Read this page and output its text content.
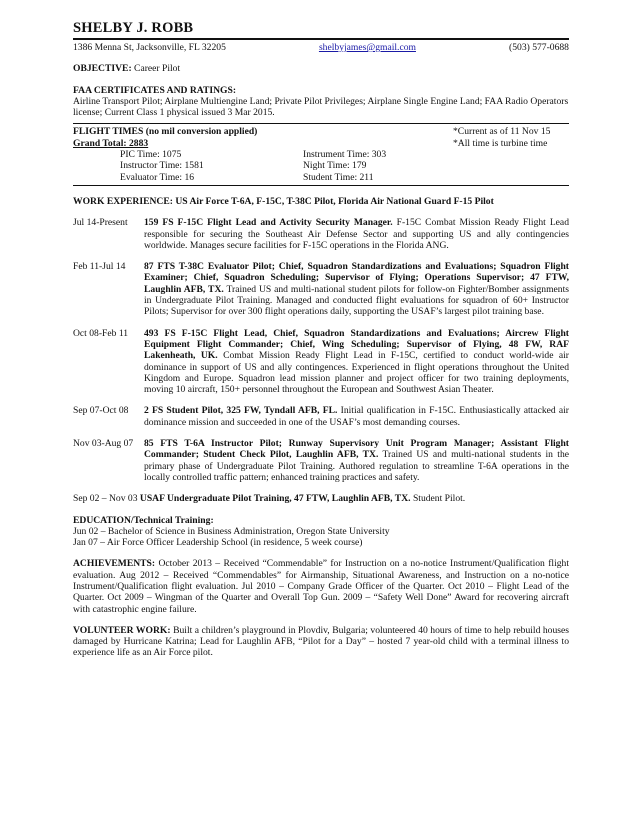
SHELBY J. ROBB
1386 Menna St, Jacksonville, FL 32205	shelbyjames@gmail.com	(503) 577-0688
OBJECTIVE: Career Pilot
FAA CERTIFICATES AND RATINGS:
Airline Transport Pilot; Airplane Multiengine Land; Private Pilot Privileges; Airplane Single Engine Land; FAA Radio Operators license; Current Class 1 physical issued 3 Mar 2015.
FLIGHT TIMES (no mil conversion applied)	*Current as of 11 Nov 15
Grand Total: 2883	*All time is turbine time
PIC Time: 1075	Instrument Time: 303
Instructor Time: 1581	Night Time: 179
Evaluator Time: 16	Student Time: 211
WORK EXPERIENCE: US Air Force T-6A, F-15C, T-38C Pilot, Florida Air National Guard F-15 Pilot
Jul 14-Present	159 FS F-15C Flight Lead and Activity Security Manager. F-15C Combat Mission Ready Flight Lead responsible for securing the Southeast Air Defense Sector and supporting US and ally contingencies worldwide. Manages secure facilities for F-15C operations in the Florida ANG.
Feb 11-Jul 14	87 FTS T-38C Evaluator Pilot; Chief, Squadron Standardizations and Evaluations; Squadron Flight Examiner; Chief, Squadron Scheduling; Supervisor of Flying; Operations Supervisor; 47 FTW, Laughlin AFB, TX. Trained US and multi-national student pilots for follow-on Fighter/Bomber assignments in Undergraduate Pilot Training. Managed and conducted flight evaluations for squadron of 60+ Instructor Pilots; Supervisor for over 300 flight operations daily, supporting the USAF’s largest pilot training base.
Oct 08-Feb 11	493 FS F-15C Flight Lead, Chief, Squadron Standardizations and Evaluations; Aircrew Flight Equipment Flight Commander; Chief, Wing Scheduling; Supervisor of Flying, 48 FW, RAF Lakenheath, UK. Combat Mission Ready Flight Lead in F-15C, certified to conduct world-wide air dominance in support of US and ally contingences. Experienced in flight operations throughout the United Kingdom and Europe. Squadron lead mission planner and project officer for two training deployments, moving 10 aircraft, 150+ personnel throughout the European and Southwest Asian Theater.
Sep 07-Oct 08	2 FS Student Pilot, 325 FW, Tyndall AFB, FL. Initial qualification in F-15C. Enthusiastically attacked air dominance mission and succeeded in one of the USAF’s most demanding courses.
Nov 03-Aug 07	85 FTS T-6A Instructor Pilot; Runway Supervisory Unit Program Manager; Assistant Flight Commander; Student Check Pilot, Laughlin AFB, TX. Trained US and multi-national students in the primary phase of Undergraduate Pilot Training. Authored regulation to streamline T-6A operations in the locally controlled traffic pattern; enhanced training practices and safety.
Sep 02 – Nov 03 USAF Undergraduate Pilot Training, 47 FTW, Laughlin AFB, TX. Student Pilot.
EDUCATION/Technical Training:
Jun 02 – Bachelor of Science in Business Administration, Oregon State University
Jan 07 – Air Force Officer Leadership School (in residence, 5 week course)
ACHIEVEMENTS: October 2013 – Received “Commendable” for Instruction on a no-notice Instrument/Qualification flight evaluation. Aug 2012 – Received “Commendables” for Airmanship, Situational Awareness, and Instruction on a no-notice Instrument/Qualification flight evaluation. Jul 2010 – Company Grade Officer of the Quarter. Oct 2010 – Flight Lead of the Quarter. Oct 2009 – Wingman of the Quarter and Overall Top Gun. 2009 – “Safety Well Done” Award for recovering aircraft with catastrophic engine failure.
VOLUNTEER WORK: Built a children’s playground in Plovdiv, Bulgaria; volunteered 40 hours of time to help rebuild houses damaged by Hurricane Katrina; Lead for Laughlin AFB, “Pilot for a Day” – hosted 7 year-old child with a terminal illness to experience life as an Air Force pilot.
